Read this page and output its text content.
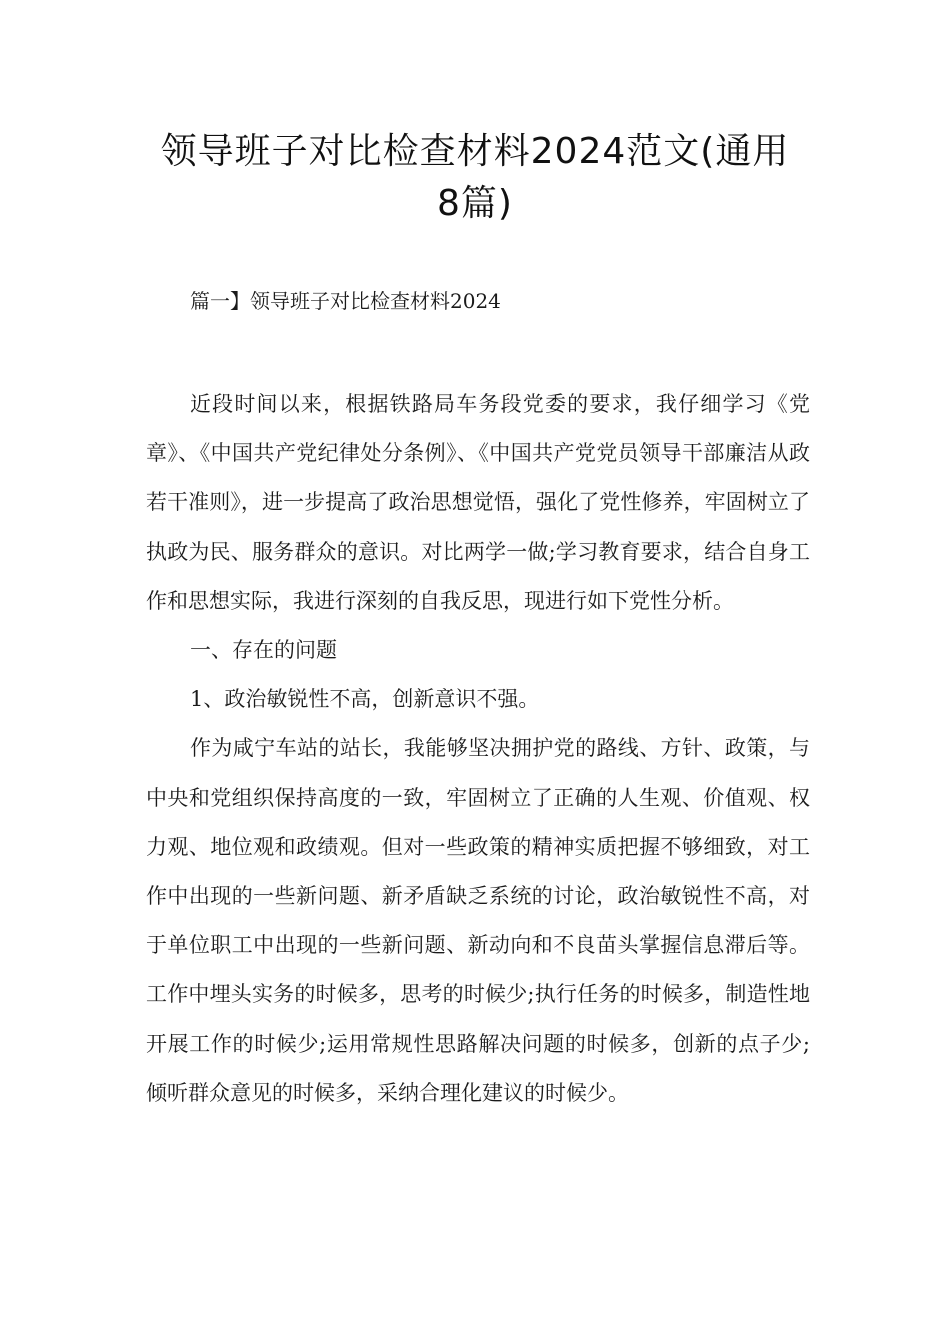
领导班子对比检查材料2024范文(通用
8篇)
篇一】领导班子对比检查材料2024

近段时间以来，根据铁路局车务段党委的要求，我仔细学习《党章》、《中国共产党纪律处分条例》、《中国共产党党员领导干部廉洁从政若干准则》，进一步提高了政治思想觉悟，强化了党性修养，牢固树立了执政为民、服务群众的意识。对比两学一做;学习教育要求，结合自身工作和思想实际，我进行深刻的自我反思，现进行如下党性分析。

一、存在的问题

1、政治敏锐性不高，创新意识不强。

作为咸宁车站的站长，我能够坚决拥护党的路线、方针、政策，与中央和党组织保持高度的一致，牢固树立了正确的人生观、价值观、权力观、地位观和政绩观。但对一些政策的精神实质把握不够细致，对工作中出现的一些新问题、新矛盾缺乏系统的讨论，政治敏锐性不高，对于单位职工中出现的一些新问题、新动向和不良苗头掌握信息滞后等。工作中埋头实务的时候多，思考的时候少;执行任务的时候多，制造性地开展工作的时候少;运用常规性思路解决问题的时候多，创新的点子少;倾听群众意见的时候多，采纳合理化建议的时候少。
